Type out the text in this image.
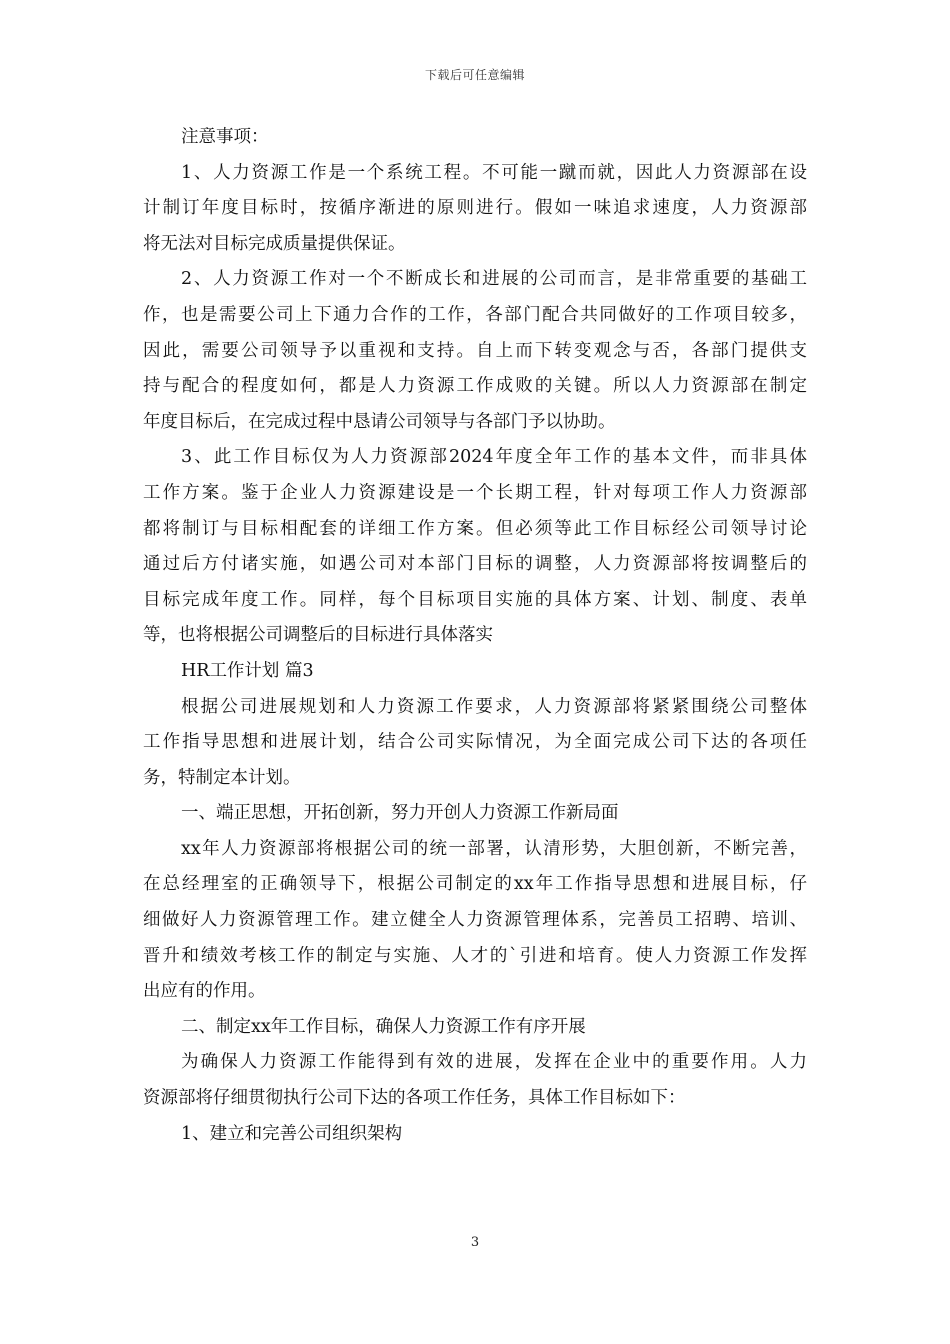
下载后可任意编辑
注意事项：
1、人力资源工作是一个系统工程。不可能一蹴而就，因此人力资源部在设
计制订年度目标时，按循序渐进的原则进行。假如一味追求速度，人力资源部
将无法对目标完成质量提供保证。
2、人力资源工作对一个不断成长和进展的公司而言，是非常重要的基础工
作，也是需要公司上下通力合作的工作，各部门配合共同做好的工作项目较多，
因此，需要公司领导予以重视和支持。自上而下转变观念与否，各部门提供支
持与配合的程度如何，都是人力资源工作成败的关键。所以人力资源部在制定
年度目标后，在完成过程中恳请公司领导与各部门予以协助。
3、此工作目标仅为人力资源部2024年度全年工作的基本文件，而非具体
工作方案。鉴于企业人力资源建设是一个长期工程，针对每项工作人力资源部
都将制订与目标相配套的详细工作方案。但必须等此工作目标经公司领导讨论
通过后方付诸实施，如遇公司对本部门目标的调整，人力资源部将按调整后的
目标完成年度工作。同样，每个目标项目实施的具体方案、计划、制度、表单
等，也将根据公司调整后的目标进行具体落实
HR工作计划 篇3
根据公司进展规划和人力资源工作要求，人力资源部将紧紧围绕公司整体
工作指导思想和进展计划，结合公司实际情况，为全面完成公司下达的各项任
务，特制定本计划。
一、端正思想，开拓创新，努力开创人力资源工作新局面
xx年人力资源部将根据公司的统一部署，认清形势，大胆创新，不断完善，
在总经理室的正确领导下，根据公司制定的xx年工作指导思想和进展目标，仔
细做好人力资源管理工作。建立健全人力资源管理体系，完善员工招聘、培训、
晋升和绩效考核工作的制定与实施、人才的`引进和培育。使人力资源工作发挥
出应有的作用。
二、制定xx年工作目标，确保人力资源工作有序开展
为确保人力资源工作能得到有效的进展，发挥在企业中的重要作用。人力
资源部将仔细贯彻执行公司下达的各项工作任务，具体工作目标如下：
1、建立和完善公司组织架构
3
